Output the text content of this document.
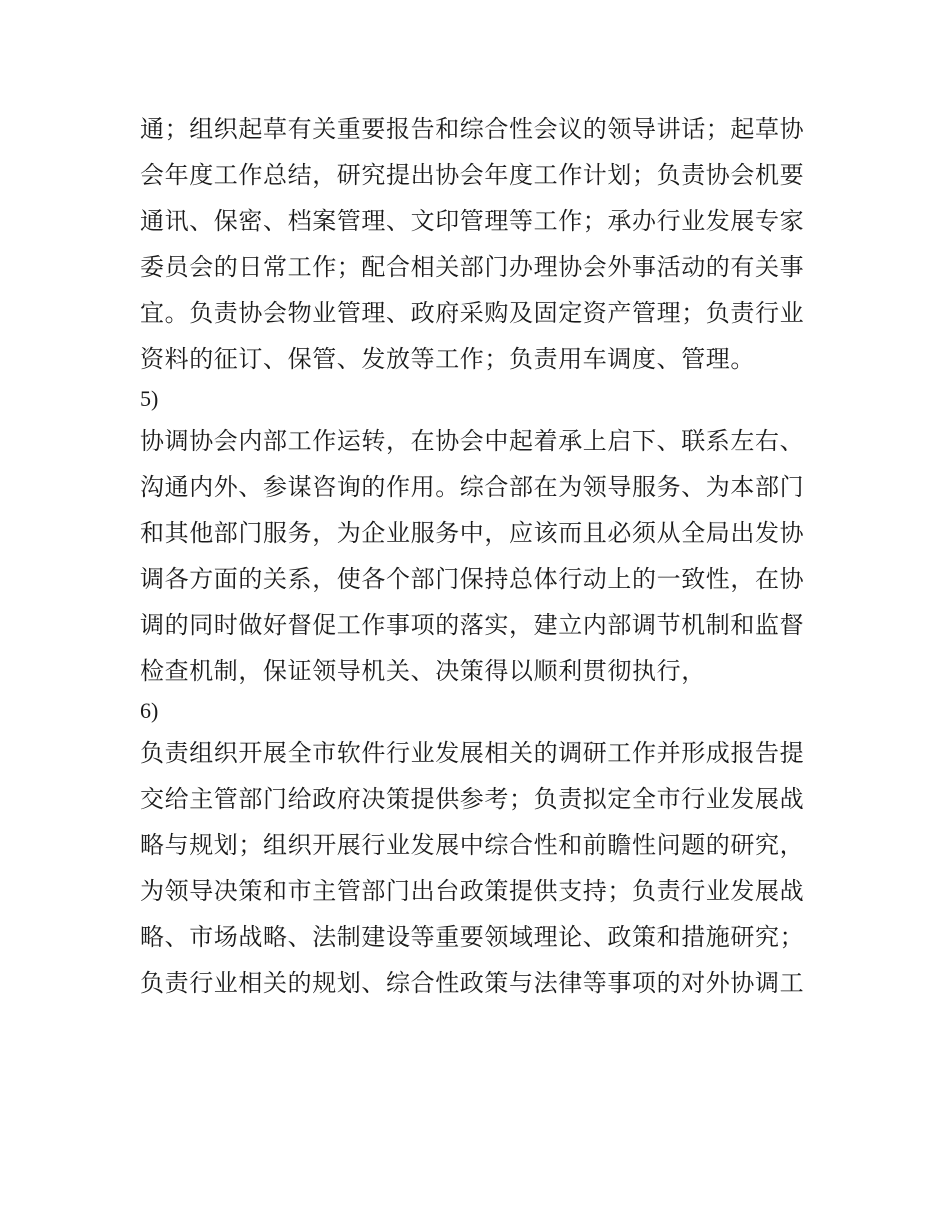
通；组织起草有关重要报告和综合性会议的领导讲话；起草协
会年度工作总结，研究提出协会年度工作计划；负责协会机要
通讯、保密、档案管理、文印管理等工作；承办行业发展专家
委员会的日常工作；配合相关部门办理协会外事活动的有关事
宜。负责协会物业管理、政府采购及固定资产管理；负责行业
资料的征订、保管、发放等工作；负责用车调度、管理。
5)
协调协会内部工作运转，在协会中起着承上启下、联系左右、
沟通内外、参谋咨询的作用。综合部在为领导服务、为本部门
和其他部门服务，为企业服务中，应该而且必须从全局出发协
调各方面的关系，使各个部门保持总体行动上的一致性，在协
调的同时做好督促工作事项的落实，建立内部调节机制和监督
检查机制，保证领导机关、决策得以顺利贯彻执行，
6)
负责组织开展全市软件行业发展相关的调研工作并形成报告提
交给主管部门给政府决策提供参考；负责拟定全市行业发展战
略与规划；组织开展行业发展中综合性和前瞻性问题的研究，
为领导决策和市主管部门出台政策提供支持；负责行业发展战
略、市场战略、法制建设等重要领域理论、政策和措施研究；
负责行业相关的规划、综合性政策与法律等事项的对外协调工
